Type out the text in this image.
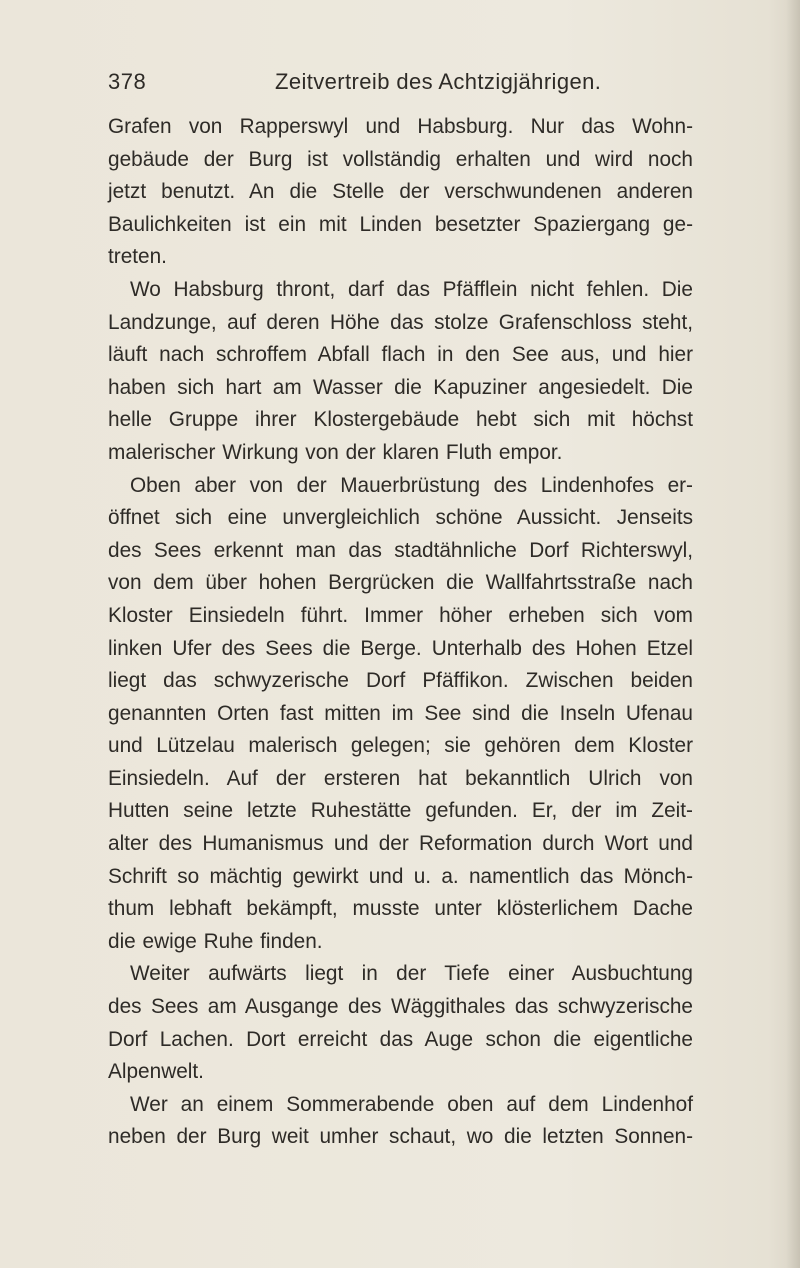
378	Zeitvertreib des Achtzigjährigen.
Grafen von Rapperswyl und Habsburg. Nur das Wohn-
gebäude der Burg ist vollständig erhalten und wird noch
jetzt benutzt. An die Stelle der verschwundenen anderen
Baulichkeiten ist ein mit Linden besetzter Spaziergang ge-
treten.
Wo Habsburg thront, darf das Pfäfflein nicht fehlen. Die
Landzunge, auf deren Höhe das stolze Grafenschloss steht,
läuft nach schroffem Abfall flach in den See aus, und hier
haben sich hart am Wasser die Kapuziner angesiedelt. Die
helle Gruppe ihrer Klostergebäude hebt sich mit höchst
malerischer Wirkung von der klaren Fluth empor.
Oben aber von der Mauerbrüstung des Lindenhofes er-
öffnet sich eine unvergleichlich schöne Aussicht. Jenseits
des Sees erkennt man das stadtähnliche Dorf Richterswyl,
von dem über hohen Bergrücken die Wallfahrtsstraße nach
Kloster Einsiedeln führt. Immer höher erheben sich vom
linken Ufer des Sees die Berge. Unterhalb des Hohen Etzel
liegt das schwyzerische Dorf Pfäffikon. Zwischen beiden
genannten Orten fast mitten im See sind die Inseln Ufenau
und Lützelau malerisch gelegen; sie gehören dem Kloster
Einsiedeln. Auf der ersteren hat bekanntlich Ulrich von
Hutten seine letzte Ruhestätte gefunden. Er, der im Zeit-
alter des Humanismus und der Reformation durch Wort und
Schrift so mächtig gewirkt und u. a. namentlich das Mönch-
thum lebhaft bekämpft, musste unter klösterlichem Dache
die ewige Ruhe finden.
Weiter aufwärts liegt in der Tiefe einer Ausbuchtung
des Sees am Ausgange des Wäggithales das schwyzerische
Dorf Lachen. Dort erreicht das Auge schon die eigentliche
Alpenwelt.
Wer an einem Sommerabende oben auf dem Lindenhof
neben der Burg weit umher schaut, wo die letzten Sonnen-
